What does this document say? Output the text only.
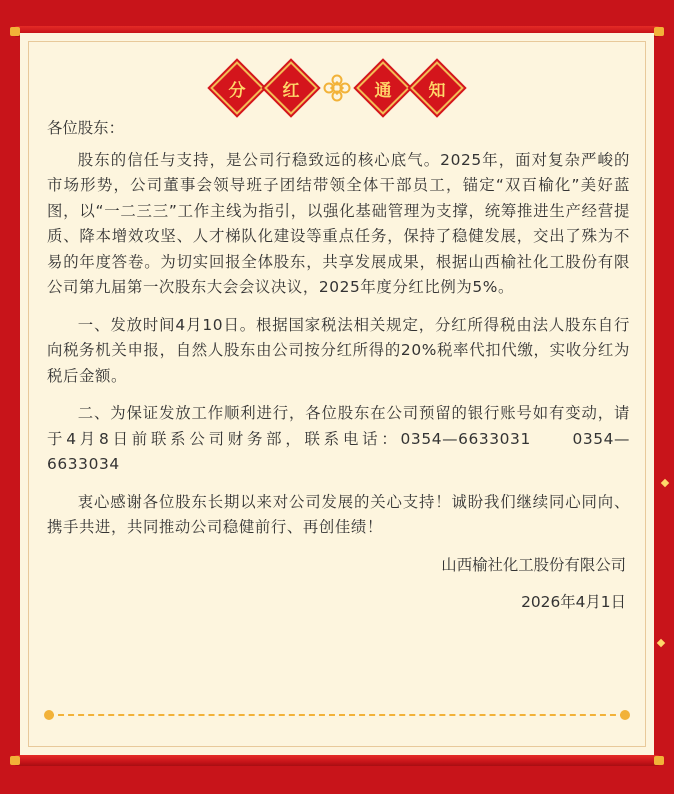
分 红	通 知

各位股东：

股东的信任与支持，是公司行稳致远的核心底气。2025年，面对复杂严峻的市场形势，公司董事会领导班子团结带领全体干部员工，锚定“双百榆化”美好蓝图，以“一二三三”工作主线为指引，以强化基础管理为支撑，统筹推进生产经营提质、降本增效攻坚、人才梯队化建设等重点任务，保持了稳健发展，交出了殊为不易的年度答卷。为切实回报全体股东，共享发展成果，根据山西榆社化工股份有限公司第九届第一次股东大会会议决议，2025年度分红比例为5%。

一、发放时间4月10日。根据国家税法相关规定，分红所得税由法人股东自行向税务机关申报，自然人股东由公司按分红所得的20%税率代扣代缴，实收分红为税后金额。

二、为保证发放工作顺利进行，各位股东在公司预留的银行账号如有变动，请于4月8日前联系公司财务部，联系电话：0354—6633031　　0354—6633034

衷心感谢各位股东长期以来对公司发展的关心支持！诚盼我们继续同心同向、携手共进，共同推动公司稳健前行、再创佳绩！

山西榆社化工股份有限公司

2026年4月1日
